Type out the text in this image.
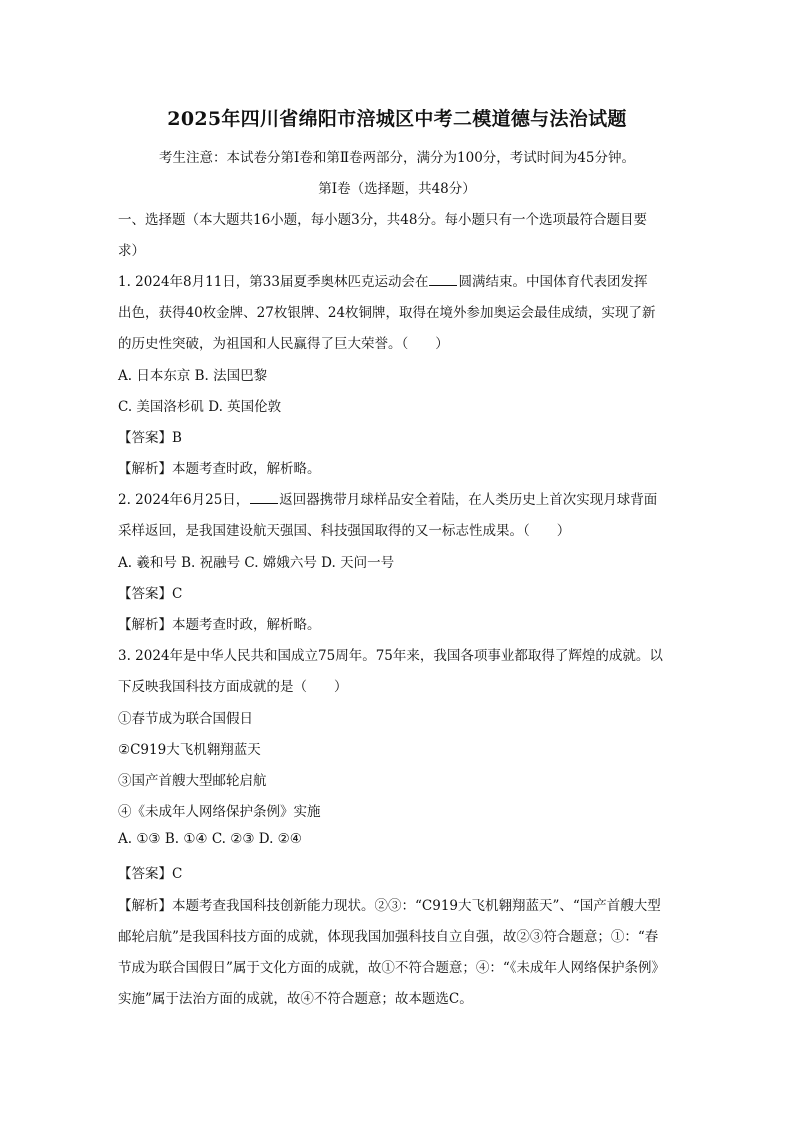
2025年四川省绵阳市涪城区中考二模道德与法治试题
考生注意：本试卷分第Ⅰ卷和第Ⅱ卷两部分，满分为100分，考试时间为45分钟。
第Ⅰ卷（选择题，共48分）
一、选择题（本大题共16小题，每小题3分，共48分。每小题只有一个选项最符合题目要
求）
1. 2024年8月11日，第33届夏季奥林匹克运动会在 圆满结束。中国体育代表团发挥
出色，获得40枚金牌、27枚银牌、24枚铜牌，取得在境外参加奥运会最佳成绩，实现了新
的历史性突破，为祖国和人民赢得了巨大荣誉。（　　）
A. 日本东京 B. 法国巴黎
C. 美国洛杉矶 D. 英国伦敦
【答案】B
【解析】本题考查时政，解析略。
2. 2024年6月25日， 返回器携带月球样品安全着陆，在人类历史上首次实现月球背面
采样返回，是我国建设航天强国、科技强国取得的又一标志性成果。（　　）
A. 羲和号 B. 祝融号 C. 嫦娥六号 D. 天问一号
【答案】C
【解析】本题考查时政，解析略。
3. 2024年是中华人民共和国成立75周年。75年来，我国各项事业都取得了辉煌的成就。以
下反映我国科技方面成就的是（　　）
①春节成为联合国假日
②C919大飞机翱翔蓝天
③国产首艘大型邮轮启航
④《未成年人网络保护条例》实施
A. ①③ B. ①④ C. ②③ D. ②④
【答案】C
【解析】本题考查我国科技创新能力现状。②③：“C919大飞机翱翔蓝天”、“国产首艘大型
邮轮启航”是我国科技方面的成就，体现我国加强科技自立自强，故②③符合题意；①：“春
节成为联合国假日”属于文化方面的成就，故①不符合题意；④：“《未成年人网络保护条例》
实施”属于法治方面的成就，故④不符合题意；故本题选C。
